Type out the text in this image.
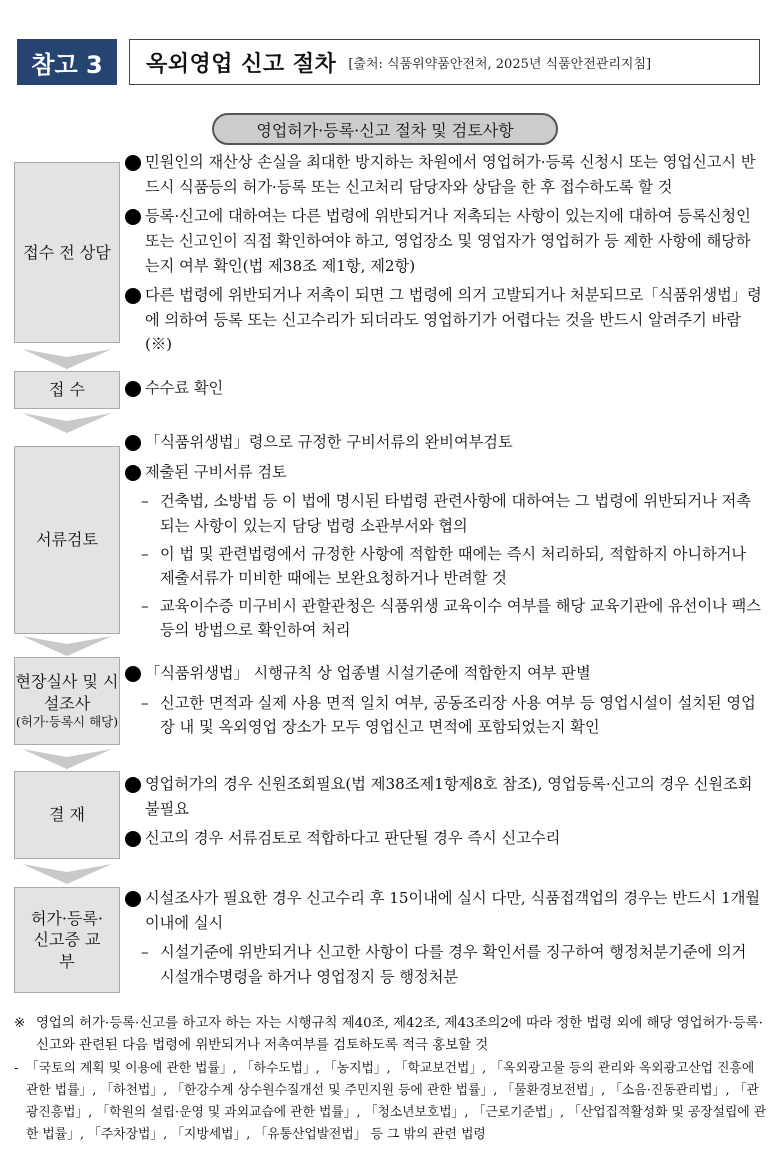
참고 3	옥외영업 신고 절차 [출처: 식품위약품안전처, 2025년 식품안전관리지침]
영업허가·등록·신고 절차 및 검토사항
접수 전 상담
민원인의 재산상 손실을 최대한 방지하는 차원에서 영업허가·등록 신청시 또는 영업신고시 반드시 식품등의 허가·등록 또는 신고처리 담당자와 상담을 한 후 접수하도록 할 것
등록·신고에 대하여는 다른 법령에 위반되거나 저촉되는 사항이 있는지에 대하여 등록신청인 또는 신고인이 직접 확인하여야 하고, 영업장소 및 영업자가 영업허가 등 제한 사항에 해당하는지 여부 확인(법 제38조 제1항, 제2항)
다른 법령에 위반되거나 저촉이 되면 그 법령에 의거 고발되거나 처분되므로「식품위생법」령에 의하여 등록 또는 신고수리가 되더라도 영업하기가 어렵다는 것을 반드시 알려주기 바람(※)
접 수	수수료 확인
서류검토
「식품위생법」령으로 규정한 구비서류의 완비여부검토
제출된 구비서류 검토
– 건축법, 소방법 등 이 법에 명시된 타법령 관련사항에 대하여는 그 법령에 위반되거나 저촉되는 사항이 있는지 담당 법령 소관부서와 협의
– 이 법 및 관련법령에서 규정한 사항에 적합한 때에는 즉시 처리하되, 적합하지 아니하거나 제출서류가 미비한 때에는 보완요청하거나 반려할 것
– 교육이수증 미구비시 관할관청은 식품위생 교육이수 여부를 해당 교육기관에 유선이나 팩스 등의 방법으로 확인하여 처리
현장실사 및 시설조사
(허가·등록시 해당)
「식품위생법」 시행규칙 상 업종별 시설기준에 적합한지 여부 판별
– 신고한 면적과 실제 사용 면적 일치 여부, 공동조리장 사용 여부 등 영업시설이 설치된 영업장 내 및 옥외영업 장소가 모두 영업신고 면적에 포함되었는지 확인
결 재
영업허가의 경우 신원조회필요(법 제38조제1항제8호 참조), 영업등록·신고의 경우 신원조회 불필요
신고의 경우 서류검토로 적합하다고 판단될 경우 즉시 신고수리
허가·등록· 신고증 교부
시설조사가 필요한 경우 신고수리 후 15이내에 실시 다만, 식품접객업의 경우는 반드시 1개월 이내에 실시
– 시설기준에 위반되거나 신고한 사항이 다를 경우 확인서를 징구하여 행정처분기준에 의거 시설개수명령을 하거나 영업정지 등 행정처분
※ 영업의 허가·등록·신고를 하고자 하는 자는 시행규칙 제40조, 제42조, 제43조의2에 따라 정한 법령 외에 해당 영업허가·등록·신고와 관련된 다음 법령에 위반되거나 저촉여부를 검토하도록 적극 홍보할 것
- 「국토의 계획 및 이용에 관한 법률」, 「하수도법」, 「농지법」, 「학교보건법」, 「옥외광고물 등의 관리와 옥외광고산업 진흥에 관한 법률」, 「하천법」, 「한강수계 상수원수질개선 및 주민지원 등에 관한 법률」, 「물환경보전법」, 「소음·진동관리법」, 「관광진흥법」, 「학원의 설립·운영 및 과외교습에 관한 법률」, 「청소년보호법」, 「근로기준법」, 「산업집적활성화 및 공장설립에 관한 법률」, 「주차장법」, 「지방세법」, 「유통산업발전법」 등 그 밖의 관련 법령
